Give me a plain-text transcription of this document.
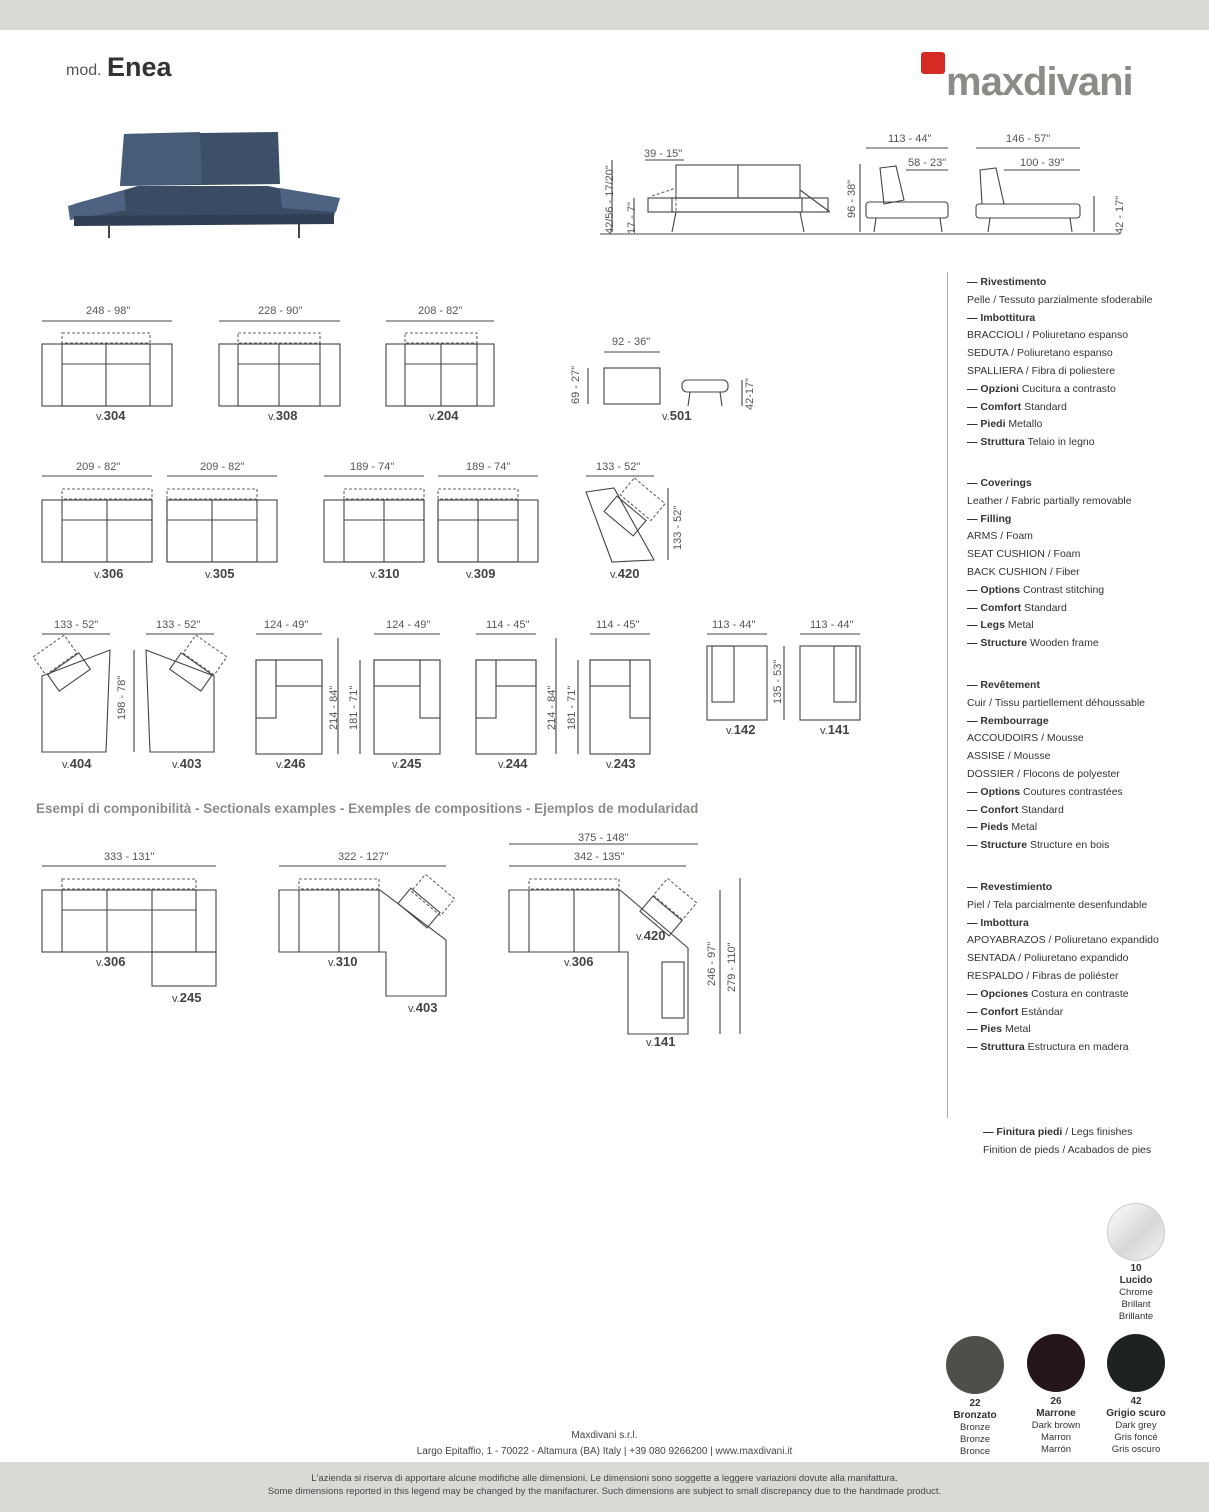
mod. Enea	maxdivani
39 - 15"
42/56 - 17/20" 17 - 7"
113 - 44"
58 - 23"
96 - 38"
146 - 57"
100 - 39"
42 - 17"
248 - 98"
v.304
228 - 90"
v.308
208 - 82"
v.204
92 - 36"
69 - 27"	42-17"
v.501
209 - 82"
v.306
209 - 82"
v.305
189 - 74"
v.310
189 - 74"
v.309
133 - 52"
133 - 52"
v.420
133 - 52"
v.404
133 - 52"
198 - 78"
v.403
124 - 49"
v.246
124 - 49"
214 - 84" 181 - 71"
v.245
114 - 45"
v.244
114 - 45"
214 - 84" 181 - 71"
v.243
113 - 44"
v.142
113 - 44"
135 - 53"
v.141
Esempi di componibilità - Sectionals examples - Exemples de compositions - Ejemplos de modularidad
333 - 131"
v.306
v.245
322 - 127"
v.310
v.403
375 - 148"
342 - 135"
v.306
v.420
v.141
246 - 97" 279 - 110"
— Rivestimento
Pelle / Tessuto parzialmente sfoderabile
— Imbottitura
BRACCIOLI / Poliuretano espanso
SEDUTA / Poliuretano espanso
SPALLIERA / Fibra di poliestere
— Opzioni Cucitura a contrasto
— Comfort Standard
— Piedi Metallo
— Struttura Telaio in legno
— Coverings
Leather / Fabric partially removable
— Filling
ARMS / Foam
SEAT CUSHION / Foam
BACK CUSHION / Fiber
— Options Contrast stitching
— Comfort Standard
— Legs Metal
— Structure Wooden frame
— Revêtement
Cuir / Tissu partiellement déhoussable
— Rembourrage
ACCOUDOIRS / Mousse
ASSISE / Mousse
DOSSIER / Flocons de polyester
— Options Coutures contrastées
— Confort Standard
— Pieds Metal
— Structure Structure en bois
— Revestimiento
Piel / Tela parcialmente desenfundable
— Imbottura
APOYABRAZOS / Poliuretano expandido
SENTADA / Poliuretano expandido
RESPALDO / Fibras de poliéster
— Opciones Costura en contraste
— Confort Estándar
— Pies Metal
— Struttura Estructura en madera
— Finitura piedi / Legs finishes
Finition de pieds / Acabados de pies
10
Lucido
Chrome
Brillant
Brillante
22
Bronzato
Bronze
Bronze
Bronce
26
Marrone
Dark brown
Marron
Marrón
42
Grigio scuro
Dark grey
Gris foncé
Gris oscuro
Maxdivani s.r.l.
Largo Epitaffio, 1 - 70022 - Altamura (BA) Italy | +39 080 9266200 | www.maxdivani.it
L'azienda si riserva di apportare alcune modifiche alle dimensioni. Le dimensioni sono soggette a leggere variazioni dovute alla manifattura.
Some dimensions reported in this legend may be changed by the manifacturer. Such dimensions are subject to small discrepancy due to the handmade product.
